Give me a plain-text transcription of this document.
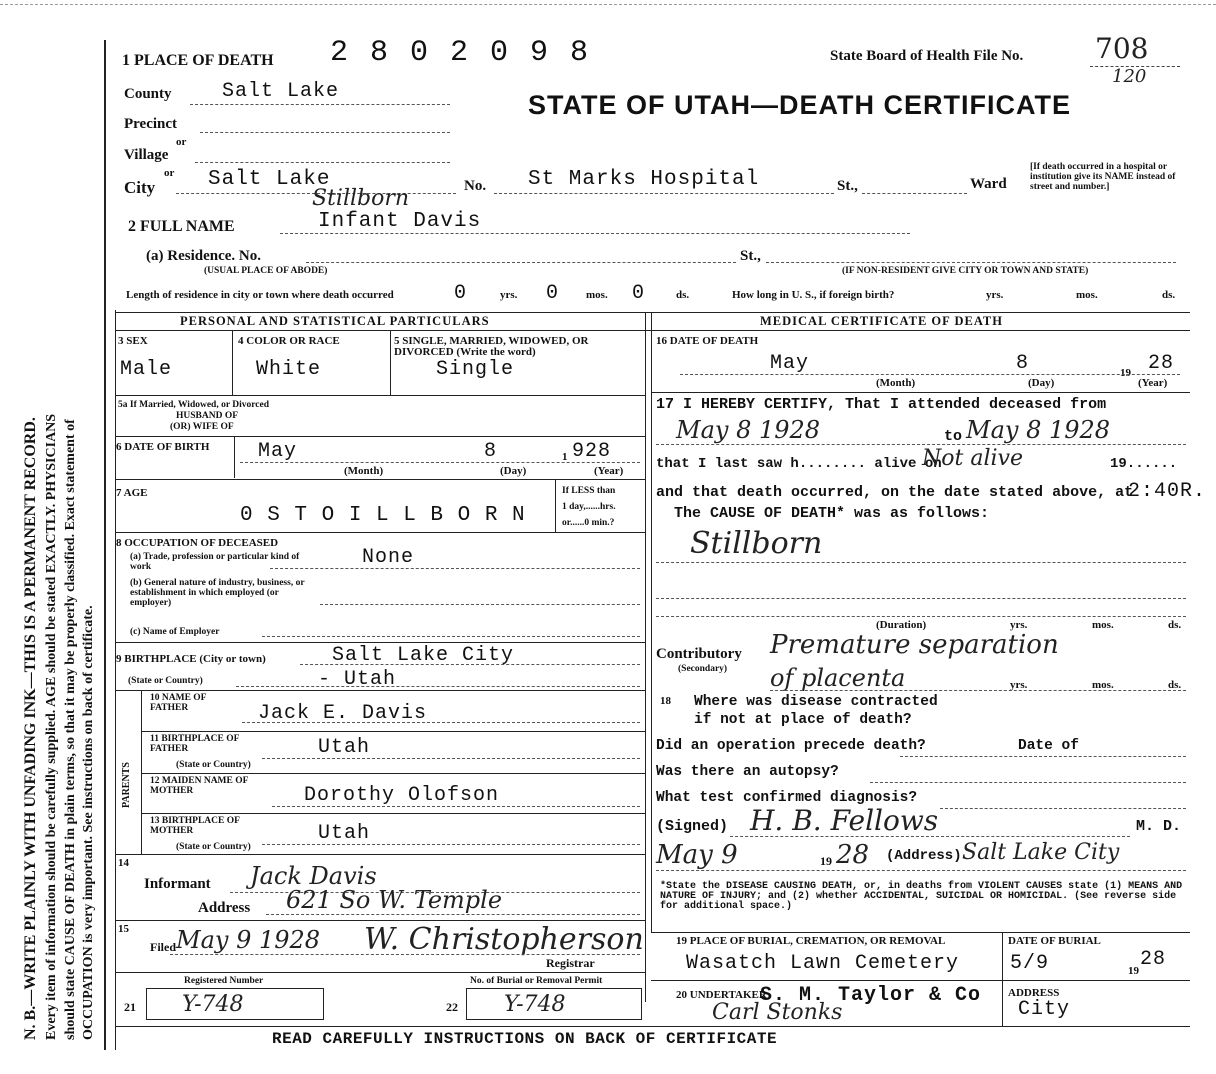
N. B.—WRITE PLAINLY WITH UNFADING INK—THIS IS A PERMANENT RECORD. Every item of information should be carefully supplied. AGE should be stated EXACTLY. PHYSICIANS should state CAUSE OF DEATH in plain terms, so that it may be properly classified. Exact statement of OCCUPATION is very important. See instructions on back of certificate.
1 PLACE OF DEATH 2 8 0 2 0 9 8	State Board of Health File No.	708
120
STATE OF UTAH—DEATH CERTIFICATE
County	Salt Lake
Precinct
or
Village
or
City	Salt Lake	No. St Marks Hospital	St.,	Ward
[If death occurred in a hospital or institution give its NAME instead of street and number.]
2 FULL NAME	Infant Davis
Stillborn
(a) Residence. No.
(USUAL PLACE OF ABODE)
St.,
(IF NON-RESIDENT GIVE CITY OR TOWN AND STATE)
Length of residence in city or town where death occurred	0	yrs. 0 mos. 0	ds.	How long in U. S., if foreign birth?	yrs.	mos.	ds.
PERSONAL AND STATISTICAL PARTICULARS
3 SEX
Male
4 COLOR OR RACE
White
5 SINGLE, MARRIED, WIDOWED, OR DIVORCED (Write the word)
Single
5a If Married, Widowed, or Divorced
HUSBAND OF
(OR) WIFE OF
6 DATE OF BIRTH May	8	1 928
(Month)	(Day)	(Year)
7 AGE
0 S T O I L L B O R N
If LESS than
1 day,......hrs.
or......0 min.?
8 OCCUPATION OF DECEASED
(a) Trade, profession or particular kind of work
(b) General nature of industry, business, or establishment in which employed (or employer)
None
(c) Name of Employer
9 BIRTHPLACE (City or town)	Salt Lake City
(State or Country)	- Utah
PARENTS
10 NAME OF FATHER	Jack E. Davis
11 BIRTHPLACE OF FATHER
(State or Country)
Utah
12 MAIDEN NAME OF MOTHER	Dorothy Olofson
13 BIRTHPLACE OF MOTHER
(State or Country)
Utah
14
Informant Jack Davis
Address 621 So W. Temple
15
Filed May 9 1928 W. Christopherson
Registrar
Registered Number
21 Y-748
No. of Burial or Removal Permit
22 Y-748
MEDICAL CERTIFICATE OF DEATH
16 DATE OF DEATH
May	8	19 28
(Month)	(Day)	(Year)
17 I HEREBY CERTIFY, That I attended deceased from
May 8 1928	to May 8 1928
that I last saw h........ alive on
Not alive	19......
and that death occurred, on the date stated above, at
2:40R.
The CAUSE OF DEATH* was as follows:
Stillborn
(Duration)	yrs.	mos.	ds.
Contributory
(Secondary)
Premature separation
of placenta	yrs.	mos.	ds.
18 Where was disease contracted
if not at place of death?
Did an operation precede death?	Date of
Was there an autopsy?
What test confirmed diagnosis?
(Signed) H. B. Fellows	M. D.
May 9	19 28 (Address) Salt Lake City
*State the DISEASE CAUSING DEATH, or, in deaths from VIOLENT CAUSES state (1) MEANS AND NATURE OF INJURY; and (2) whether ACCIDENTAL, SUICIDAL OR HOMICIDAL. (See reverse side for additional space.)
19 PLACE OF BURIAL, CREMATION, OR REMOVAL
Wasatch Lawn Cemetery
DATE OF BURIAL
5/9	19 28
20 UNDERTAKER
S. M. Taylor & Co
Carl Stonks
ADDRESS
City
READ CAREFULLY INSTRUCTIONS ON BACK OF CERTIFICATE
